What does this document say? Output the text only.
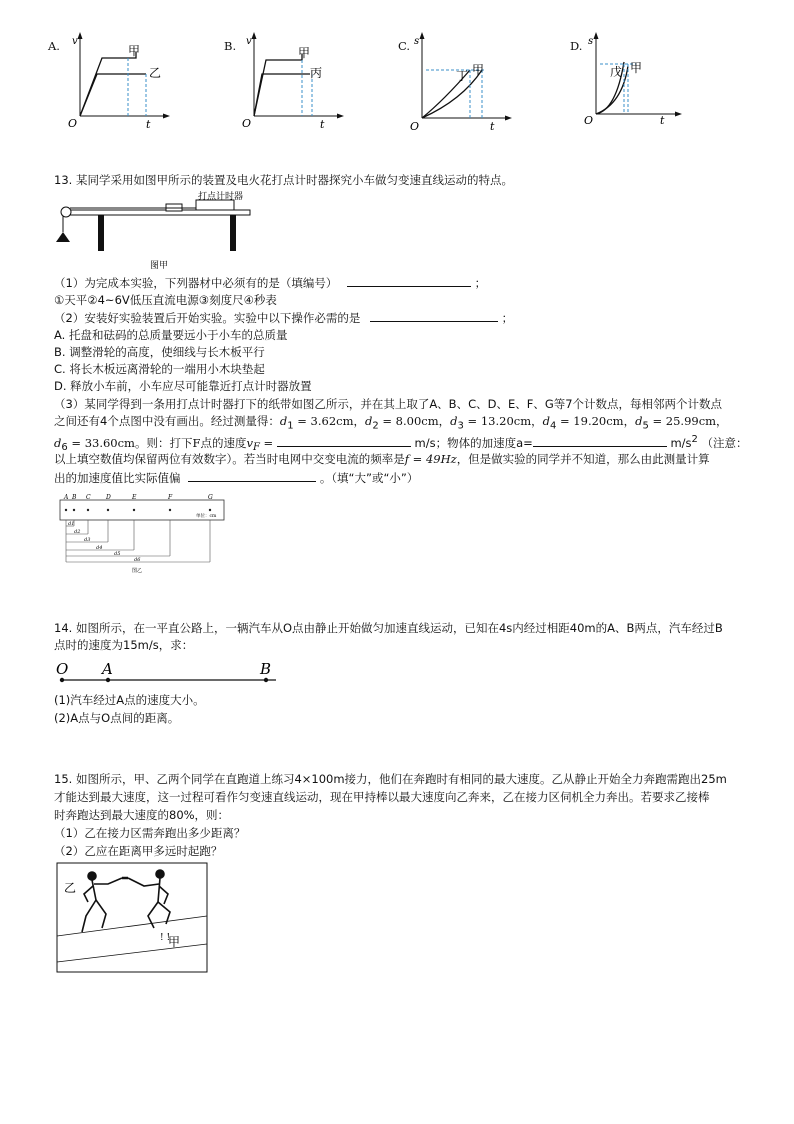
A. v
O	t
甲
乙
B. v
O	t
甲
丙
C. s
O	t
甲
丁
D. s
O	t
甲
戊
13. 某同学采用如图甲所示的装置及电火花打点计时器探究小车做匀变速直线运动的特点。
打点计时器
图甲
（1）为完成本实验，下列器材中必须有的是（填编号）	；
①天平②4~6V低压直流电源③刻度尺④秒表
（2）安装好实验装置后开始实验。实验中以下操作必需的是	；
A. 托盘和砝码的总质量要远小于小车的总质量
B. 调整滑轮的高度，使细线与长木板平行
C. 将长木板远离滑轮的一端用小木块垫起
D. 释放小车前，小车应尽可能靠近打点计时器放置
（3）某同学得到一条用打点计时器打下的纸带如图乙所示，并在其上取了A、B、C、D、E、F、G等7个计数点，每相邻两个计数点
之间还有4个点图中没有画出。经过测量得：$d_1 = 3.62cm$，$d_2 = 8.00cm$，$d_3 = 13.20cm$，$d_4 = 19.20cm$，$d_5 = 25.99cm$，
$d_6 = 33.60cm$。则：打下F点的速度$v_F$ =	m/s；物体的加速度a=	$m/s^2$ （注意：
以上填空数值均保留两位有效数字）。若当时电网中交变电流的频率是f = 49Hz，但是做实验的同学并不知道，那么由此测量计算
出的加速度值比实际值偏	。（填“大”或“小”）
A B C	D	E	F	G
单位：cm
d1
d2
d3
d4
d5
d6
图乙
14. 如图所示，在一平直公路上，一辆汽车从O点由静止开始做匀加速直线运动，已知在4s内经过相距40m的A、B两点，汽车经过B
点时的速度为15m/s，求：
O A	B
(1)汽车经过A点的速度大小。
(2)A点与O点间的距离。
15. 如图所示，甲、乙两个同学在直跑道上练习4×100m接力，他们在奔跑时有相同的最大速度。乙从静止开始全力奔跑需跑出25m
才能达到最大速度，这一过程可看作匀变速直线运动，现在甲持棒以最大速度向乙奔来，乙在接力区伺机全力奔出。若要求乙接棒
时奔跑达到最大速度的80%，则：
（1）乙在接力区需奔跑出多少距离？
（2）乙应在距离甲多远时起跑？
乙
甲
! !
